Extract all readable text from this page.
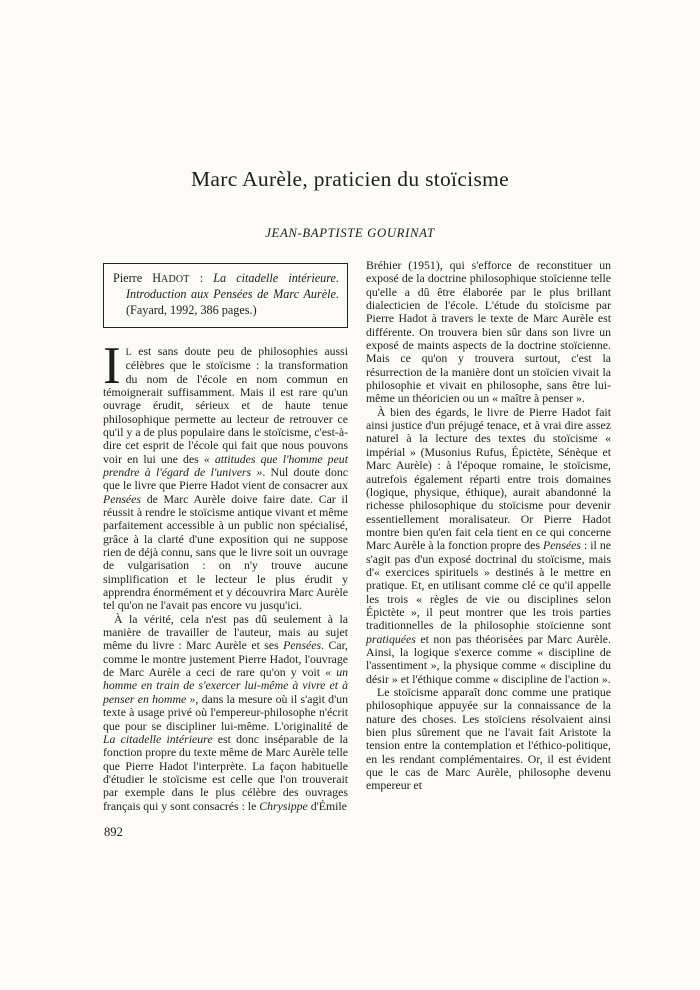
Marc Aurèle, praticien du stoïcisme
JEAN-BAPTISTE GOURINAT

Pierre HADOT : La citadelle intérieure. Introduction aux Pensées de Marc Aurèle. (Fayard, 1992, 386 pages.)

I L est sans doute peu de philosophies aussi célèbres que le stoïcisme : la transformation du nom de l'école en nom commun en témoignerait suffisamment. Mais il est rare qu'un ouvrage érudit, sérieux et de haute tenue philosophique permette au lecteur de retrouver ce qu'il y a de plus populaire dans le stoïcisme, c'est-à-dire cet esprit de l'école qui fait que nous pouvons voir en lui une des « attitudes que l'homme peut prendre à l'égard de l'univers ». Nul doute donc que le livre que Pierre Hadot vient de consacrer aux Pensées de Marc Aurèle doive faire date. Car il réussit à rendre le stoïcisme antique vivant et même parfaitement accessible à un public non spécialisé, grâce à la clarté d'une exposition qui ne suppose rien de déjà connu, sans que le livre soit un ouvrage de vulgarisation : on n'y trouve aucune simplification et le lecteur le plus érudit y apprendra énormément et y découvrira Marc Aurèle tel qu'on ne l'avait pas encore vu jusqu'ici.

À la vérité, cela n'est pas dû seulement à la manière de travailler de l'auteur, mais au sujet même du livre : Marc Aurèle et ses Pensées. Car, comme le montre justement Pierre Hadot, l'ouvrage de Marc Aurèle a ceci de rare qu'on y voit « un homme en train de s'exercer lui-même à vivre et à penser en homme », dans la mesure où il s'agit d'un texte à usage privé où l'empereur-philosophe n'écrit que pour se discipliner lui-même. L'originalité de La citadelle intérieure est donc inséparable de la fonction propre du texte même de Marc Aurèle telle que Pierre Hadot l'interprète. La façon habituelle d'étudier le stoïcisme est celle que l'on trouverait par exemple dans le plus célèbre des ouvrages français qui y sont consacrés : le Chrysippe d'Émile

Bréhier (1951), qui s'efforce de reconstituer un exposé de la doctrine philosophique stoïcienne telle qu'elle a dû être élaborée par le plus brillant dialecticien de l'école. L'étude du stoïcisme par Pierre Hadot à travers le texte de Marc Aurèle est différente. On trouvera bien sûr dans son livre un exposé de maints aspects de la doctrine stoïcienne. Mais ce qu'on y trouvera surtout, c'est la résurrection de la manière dont un stoïcien vivait la philosophie et vivait en philosophe, sans être lui-même un théoricien ou un « maître à penser ».

À bien des égards, le livre de Pierre Hadot fait ainsi justice d'un préjugé tenace, et à vrai dire assez naturel à la lecture des textes du stoïcisme « impérial » (Musonius Rufus, Épictète, Sénèque et Marc Aurèle) : à l'époque romaine, le stoïcisme, autrefois également réparti entre trois domaines (logique, physique, éthique), aurait abandonné la richesse philosophique du stoïcisme pour devenir essentiellement moralisateur. Or Pierre Hadot montre bien qu'en fait cela tient en ce qui concerne Marc Aurèle à la fonction propre des Pensées : il ne s'agit pas d'un exposé doctrinal du stoïcisme, mais d'« exercices spirituels » destinés à le mettre en pratique. Et, en utilisant comme clé ce qu'il appelle les trois « règles de vie ou disciplines selon Épictète », il peut montrer que les trois parties traditionnelles de la philosophie stoïcienne sont pratiquées et non pas théorisées par Marc Aurèle. Ainsi, la logique s'exerce comme « discipline de l'assentiment », la physique comme « discipline du désir » et l'éthique comme « discipline de l'action ».

Le stoïcisme apparaît donc comme une pratique philosophique appuyée sur la connaissance de la nature des choses. Les stoïciens résolvaient ainsi bien plus sûrement que ne l'avait fait Aristote la tension entre la contemplation et l'éthico-politique, en les rendant complémentaires. Or, il est évident que le cas de Marc Aurèle, philosophe devenu empereur et

892
